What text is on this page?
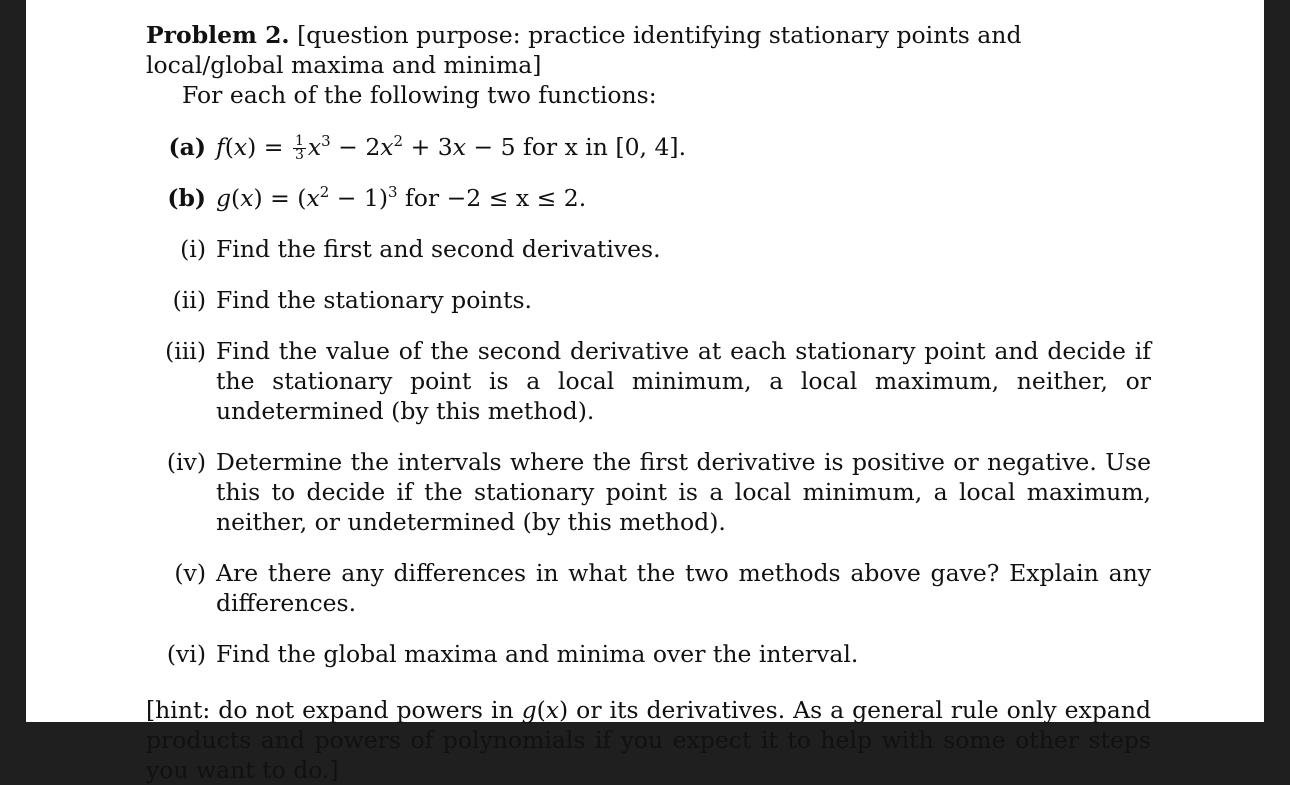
Problem 2. [question purpose: practice identifying stationary points and local/global maxima and minima]
For each of the following two functions:
(a) $f(x) = \frac{1}{3} x^3 - 2x^2 + 3x - 5$ for x in [0, 4].
(b) $g(x) = (x^2 - 1)^3$ for −2 ≤ x ≤ 2.
(i) Find the first and second derivatives.
(ii) Find the stationary points.
(iii) Find the value of the second derivative at each stationary point and decide if the stationary point is a local minimum, a local maximum, neither, or undetermined (by this method).
(iv) Determine the intervals where the first derivative is positive or negative. Use this to decide if the stationary point is a local minimum, a local maximum, neither, or undetermined (by this method).
(v) Are there any differences in what the two methods above gave? Explain any differences.
(vi) Find the global maxima and minima over the interval.
[hint: do not expand powers in g(x) or its derivatives. As a general rule only expand products and powers of polynomials if you expect it to help with some other steps you want to do.]
